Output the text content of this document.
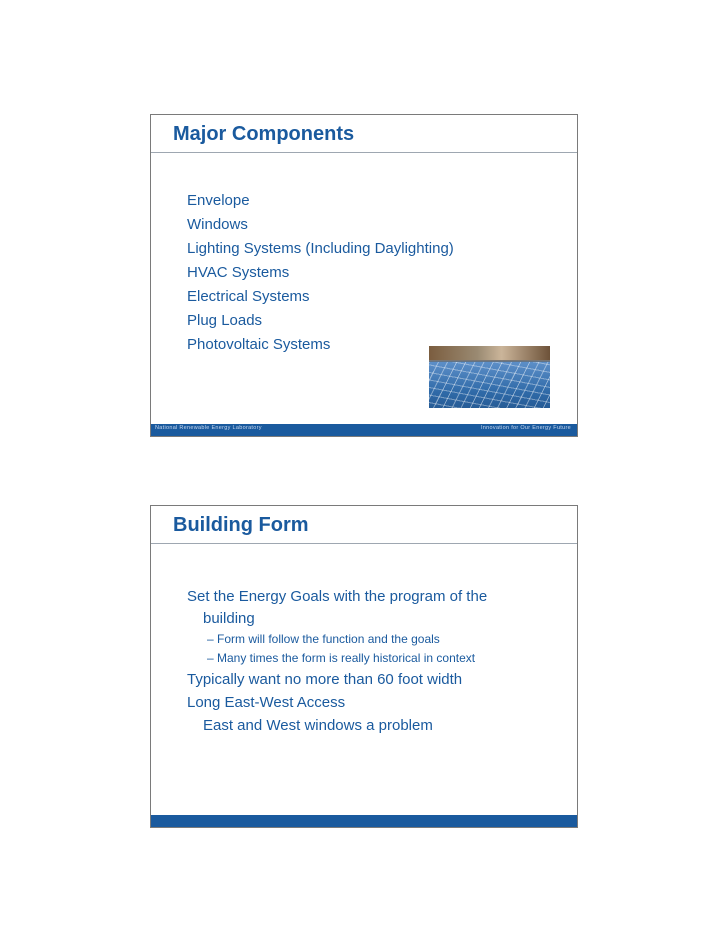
Major Components
Envelope
Windows
Lighting Systems (Including Daylighting)
HVAC Systems
Electrical Systems
Plug Loads
Photovoltaic Systems
National Renewable Energy Laboratory	Innovation for Our Energy Future
Building Form
Set the Energy Goals with the program of the
building
– Form will follow the function and the goals
– Many times the form is really historical in context
Typically want no more than 60 foot width
Long East-West Access
East and West windows a problem
